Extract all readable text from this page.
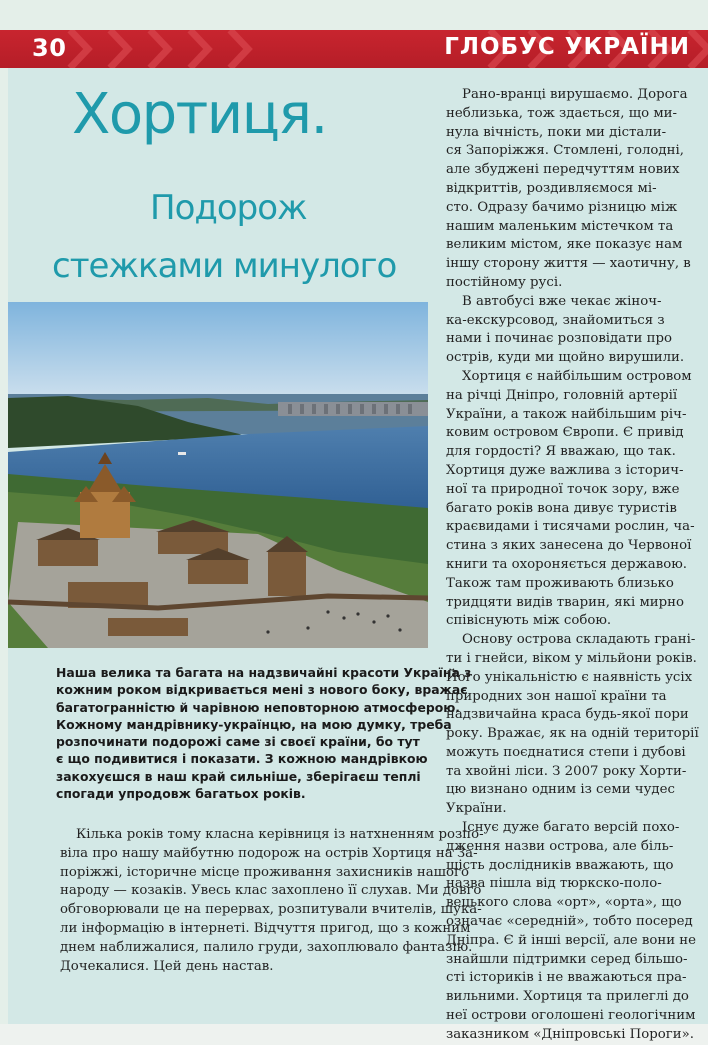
30	ГЛОБУС УКРАЇНИ
Хортиця.
Подорож
стежками минулого
Наша велика та багата на надзвичайні красоти Україна з
кожним роком відкривається мені з нового боку, вражає
багатогранністю й чарівною неповторною атмосферою.
Кожному мандрівнику-українцю, на мою думку, треба
розпочинати подорожі саме зі своєї країни, бо тут
є що подивитися і показати. З кожною мандрівкою
закохуєшся в наш край сильніше, зберігаєш теплі
спогади упродовж багатьох років.
Кілька років тому класна керівниця із натхненням розпо-
віла про нашу майбутню подорож на острів Хортиця на За-
поріжжі, історичне місце проживання захисників нашого
народу — козаків. Увесь клас захоплено її слухав. Ми довго
обговорювали це на перервах, розпитували вчителів, шука-
ли інформацію в інтернеті. Відчуття пригод, що з кожним
днем наближалися, палило груди, захоплювало фантазію.
Дочекалися. Цей день настав.
Рано-вранці вирушаємо. Дорога
неблизька, тож здається, що ми-
нула вічність, поки ми дістали-
ся Запоріжжя. Стомлені, голодні,
але збуджені передчуттям нових
відкриттів, роздивляємося мі-
сто. Одразу бачимо різницю між
нашим маленьким містечком та
великим містом, яке показує нам
іншу сторону життя — хаотичну, в
постійному русі.
В автобусі вже чекає жіноч-
ка-екскурсовод, знайомиться з
нами і починає розповідати про
острів, куди ми щойно вирушили.
Хортиця є найбільшим островом
на річці Дніпро, головній артерії
України, а також найбільшим річ-
ковим островом Європи. Є привід
для гордості? Я вважаю, що так.
Хортиця дуже важлива з історич-
ної та природної точок зору, вже
багато років вона дивує туристів
краєвидами і тисячами рослин, ча-
стина з яких занесена до Червоної
книги та охороняється державою.
Також там проживають близько
тридцяти видів тварин, які мирно
співіснують між собою.
Основу острова складають грані-
ти і гнейси, віком у мільйони років.
Його унікальністю є наявність усіх
природних зон нашої країни та
надзвичайна краса будь-якої пори
року. Вражає, як на одній території
можуть поєднатися степи і дубові
та хвойні ліси. З 2007 року Хорти-
цю визнано одним із семи чудес
України.
Існує дуже багато версій похо-
дження назви острова, але біль-
шість дослідників вважають, що
назва пішла від тюркско-поло-
вецького слова «орт», «орта», що
означає «середній», тобто посеред
Дніпра. Є й інші версії, але вони не
знайшли підтримки серед більшо-
сті істориків і не вважаються пра-
вильними. Хортиця та прилеглі до
неї острови оголошені геологічним
заказником «Дніпровські Пороги».
